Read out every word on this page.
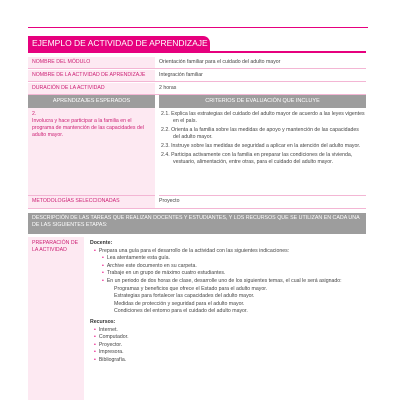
EJEMPLO DE ACTIVIDAD DE APRENDIZAJE
NOMBRE DEL MÓDULO	Orientación familiar para el cuidado del adulto mayor
NOMBRE DE LA ACTIVIDAD DE APRENDIZAJE	Integración familiar
DURACIÓN DE LA ACTIVIDAD	2 horas
APRENDIZAJES ESPERADOS	CRITERIOS DE EVALUACIÓN QUE INCLUYE
2.
Involucra y hace participar a la familia en el programa de mantención de las capacidades del adulto mayor.
2.1. Explica las estrategias del cuidado del adulto mayor de acuerdo a las leyes vigentes en el país.
2.2. Orienta a la familia sobre las medidas de apoyo y mantención de las capacidades del adulto mayor.
2.3. Instruye sobre las medidas de seguridad a aplicar en la atención del adulto mayor.
2.4. Participa activamente con la familia en preparar las condiciones de la vivienda, vestuario, alimentación, entre otras, para el cuidado del adulto mayor.
METODOLOGÍAS SELECCIONADAS	Proyecto
DESCRIPCIÓN DE LAS TAREAS QUE REALIZAN DOCENTES Y ESTUDIANTES, Y LOS RECURSOS QUE SE UTILIZAN EN CADA UNA DE LAS SIGUIENTES ETAPAS:
PREPARACIÓN DE LA ACTIVIDAD
Docente:
• Prepara una guía para el desarrollo de la actividad con las siguientes indicaciones:
• Lea atentamente esta guía.
• Archive este documento en su carpeta.
• Trabaje en un grupo de máximo cuatro estudiantes.
• En un periodo de dos horas de clase, desarrolle uno de los siguientes temas, el cual le será asignado:
Programas y beneficios que ofrece el Estado para el adulto mayor.
Estrategias para fortalecer las capacidades del adulto mayor.
Medidas de protección y seguridad para el adulto mayor.
Condiciones del entorno para el cuidado del adulto mayor.
Recursos:
• Internet.
• Computador.
• Proyector.
• Impresora.
• Bibliografía.
